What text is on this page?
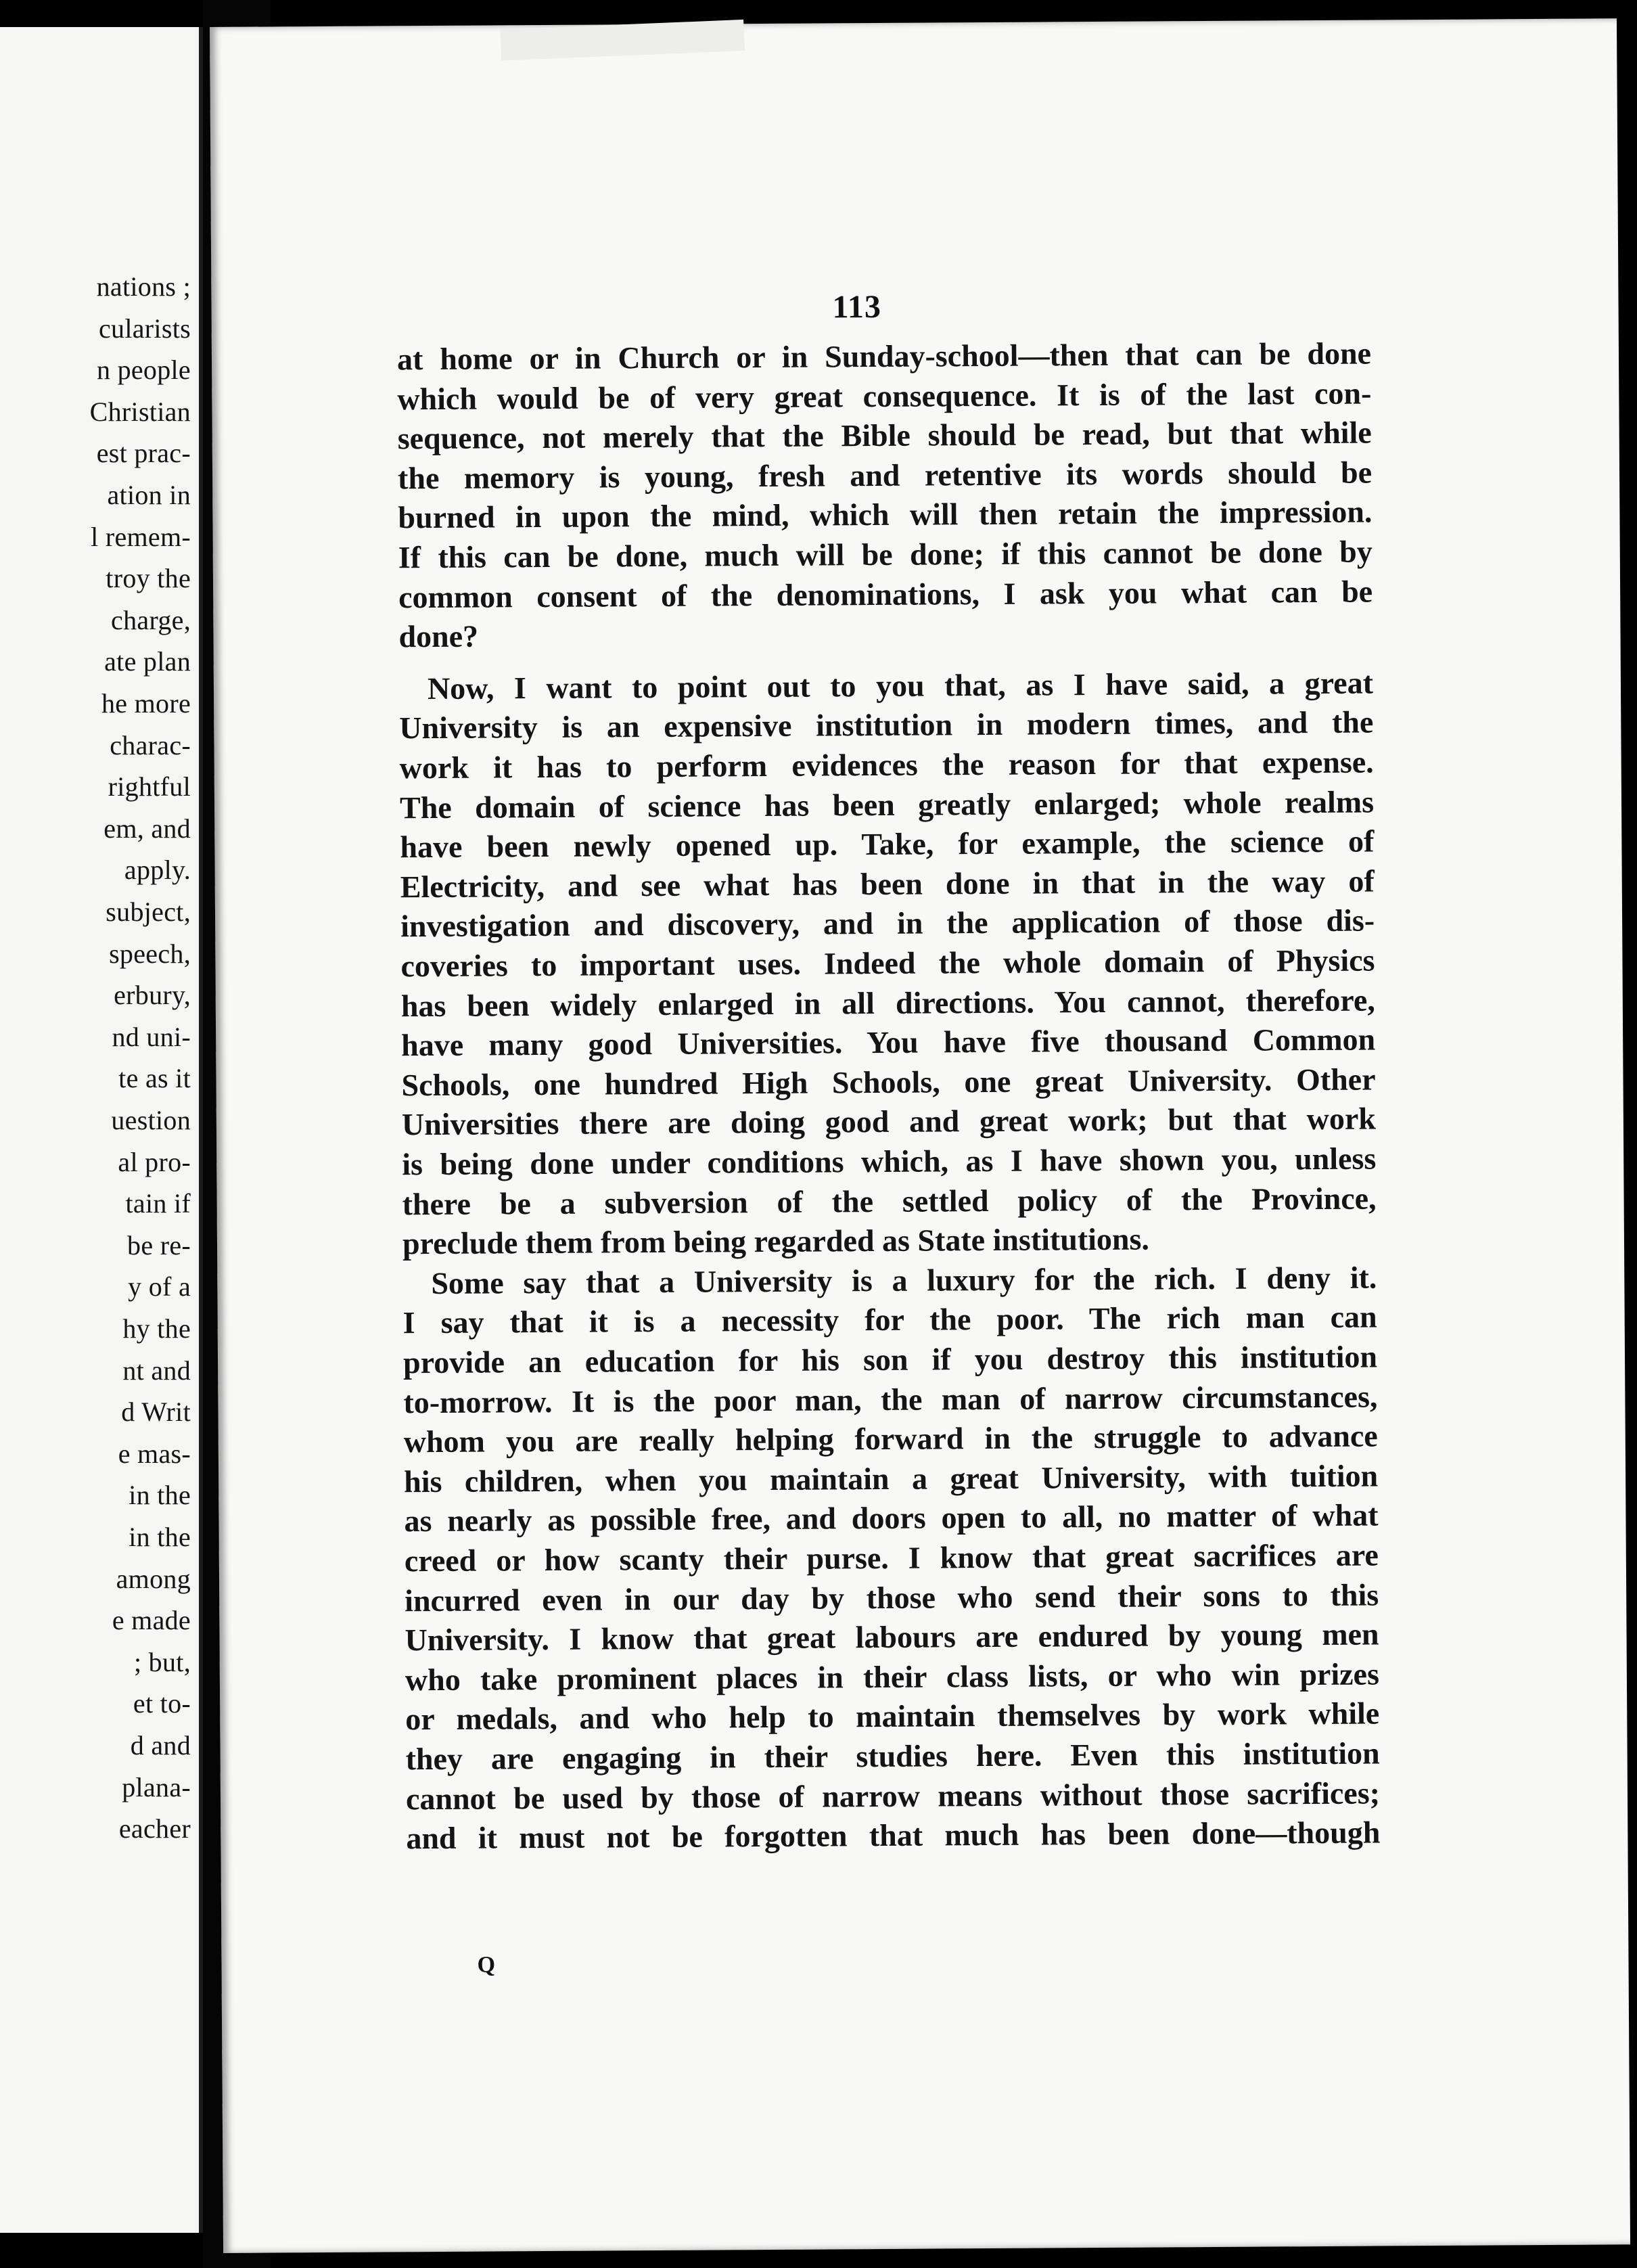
nations ;
cularists
n people
Christian
est prac-
ation in
l remem-
troy the
charge,
ate plan
he more
charac-
rightful
em, and
apply.
subject,
speech,
erbury,
nd uni-
te as it
uestion
al pro-
tain if
be re-
y of a
hy the
nt and
d Writ
e mas-
in the
in the
among
e made
; but,
et to-
d and
plana-
eacher
113
at home or in Church or in Sunday-school—then that can be done
which would be of very great consequence. It is of the last con-
sequence, not merely that the Bible should be read, but that while
the memory is young, fresh and retentive its words should be
burned in upon the mind, which will then retain the impression.
If this can be done, much will be done; if this cannot be done by
common consent of the denominations, I ask you what can be
done?
Now, I want to point out to you that, as I have said, a great
University is an expensive institution in modern times, and the
work it has to perform evidences the reason for that expense.
The domain of science has been greatly enlarged; whole realms
have been newly opened up. Take, for example, the science of
Electricity, and see what has been done in that in the way of
investigation and discovery, and in the application of those dis-
coveries to important uses. Indeed the whole domain of Physics
has been widely enlarged in all directions. You cannot, therefore,
have many good Universities. You have five thousand Common
Schools, one hundred High Schools, one great University. Other
Universities there are doing good and great work; but that work
is being done under conditions which, as I have shown you, unless
there be a subversion of the settled policy of the Province,
preclude them from being regarded as State institutions.
Some say that a University is a luxury for the rich. I deny it.
I say that it is a necessity for the poor. The rich man can
provide an education for his son if you destroy this institution
to-morrow. It is the poor man, the man of narrow circumstances,
whom you are really helping forward in the struggle to advance
his children, when you maintain a great University, with tuition
as nearly as possible free, and doors open to all, no matter of what
creed or how scanty their purse. I know that great sacrifices are
incurred even in our day by those who send their sons to this
University. I know that great labours are endured by young men
who take prominent places in their class lists, or who win prizes
or medals, and who help to maintain themselves by work while
they are engaging in their studies here. Even this institution
cannot be used by those of narrow means without those sacrifices;
and it must not be forgotten that much has been done—though
Q
